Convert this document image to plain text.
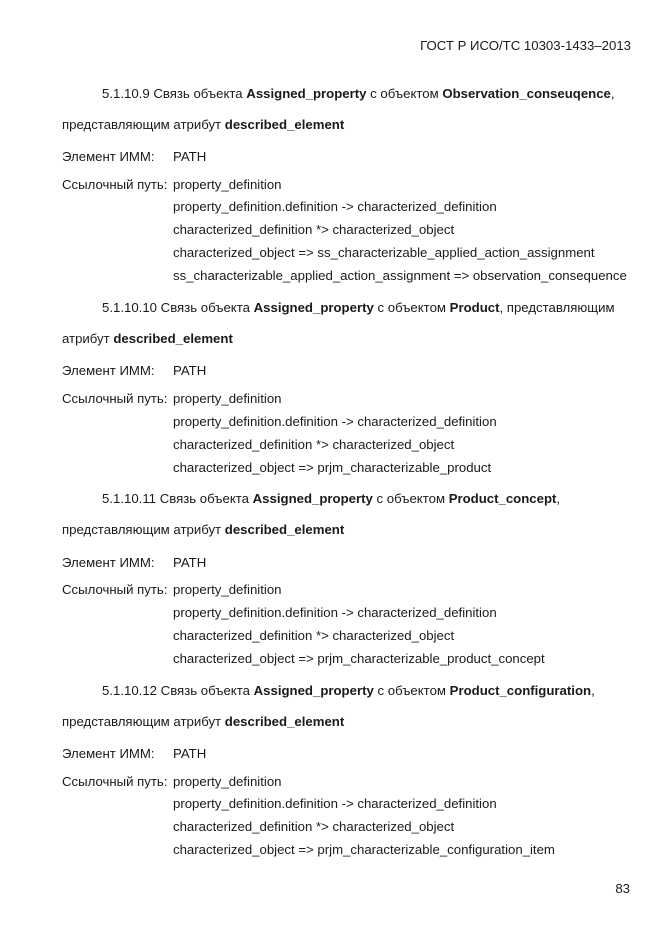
ГОСТ Р ИСО/ТС 10303-1433–2013
5.1.10.9 Связь объекта Assigned_property с объектом Observation_conseuqence,
представляющим атрибут described_element
Элемент ИММ: PATH
Ссылочный путь: property_definition
property_definition.definition -> characterized_definition
characterized_definition *> characterized_object
characterized_object => ss_characterizable_applied_action_assignment
ss_characterizable_applied_action_assignment => observation_consequence
5.1.10.10 Связь объекта Assigned_property с объектом Product, представляющим
атрибут described_element
Элемент ИММ: PATH
Ссылочный путь: property_definition
property_definition.definition -> characterized_definition
characterized_definition *> characterized_object
characterized_object => prjm_characterizable_product
5.1.10.11 Связь объекта Assigned_property с объектом Product_concept,
представляющим атрибут described_element
Элемент ИММ: PATH
Ссылочный путь: property_definition
property_definition.definition -> characterized_definition
characterized_definition *> characterized_object
characterized_object => prjm_characterizable_product_concept
5.1.10.12 Связь объекта Assigned_property с объектом Product_configuration,
представляющим атрибут described_element
Элемент ИММ: PATH
Ссылочный путь: property_definition
property_definition.definition -> characterized_definition
characterized_definition *> characterized_object
characterized_object => prjm_characterizable_configuration_item
83
